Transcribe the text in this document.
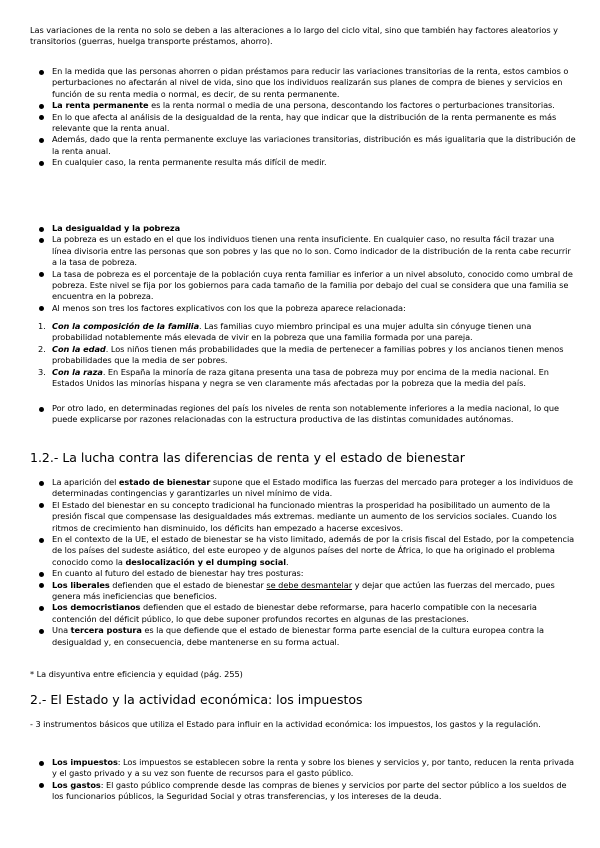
Las variaciones de la renta no solo se deben a las alteraciones a lo largo del ciclo vital, sino que también hay factores aleatorios y transitorios (guerras, huelga transporte préstamos, ahorro).

En la medida que las personas ahorren o pidan préstamos para reducir las variaciones transitorias de la renta, estos cambios o perturbaciones no afectarán al nivel de vida, sino que los individuos realizarán sus planes de compra de bienes y servicios en función de su renta media o normal, es decir, de su renta permanente.
La renta permanente es la renta normal o media de una persona, descontando los factores o perturbaciones transitorias.
En lo que afecta al análisis de la desigualdad de la renta, hay que indicar que la distribución de la renta permanente es más relevante que la renta anual.
Además, dado que la renta permanente excluye las variaciones transitorias, distribución es más igualitaria que la distribución de la renta anual.
En cualquier caso, la renta permanente resulta más difícil de medir.
La desigualdad y la pobreza
La pobreza es un estado en el que los individuos tienen una renta insuficiente. En cualquier caso, no resulta fácil trazar una línea divisoria entre las personas que son pobres y las que no lo son. Como indicador de la distribución de la renta cabe recurrir a la tasa de pobreza.
La tasa de pobreza es el porcentaje de la población cuya renta familiar es inferior a un nivel absoluto, conocido como umbral de pobreza. Este nivel se fija por los gobiernos para cada tamaño de la familia por debajo del cual se considera que una familia se encuentra en la pobreza.
Al menos son tres los factores explicativos con los que la pobreza aparece relacionada:
1. Con la composición de la familia. Las familias cuyo miembro principal es una mujer adulta sin cónyuge tienen una probabilidad notablemente más elevada de vivir en la pobreza que una familia formada por una pareja.
2. Con la edad. Los niños tienen más probabilidades que la media de pertenecer a familias pobres y los ancianos tienen menos probabilidades que la media de ser pobres.
3. Con la raza. En España la minoría de raza gitana presenta una tasa de pobreza muy por encima de la media nacional. En Estados Unidos las minorías hispana y negra se ven claramente más afectadas por la pobreza que la media del país.
Por otro lado, en determinadas regiones del país los niveles de renta son notablemente inferiores a la media nacional, lo que puede explicarse por razones relacionadas con la estructura productiva de las distintas comunidades autónomas.
1.2.- La lucha contra las diferencias de renta y el estado de bienestar
La aparición del estado de bienestar supone que el Estado modifica las fuerzas del mercado para proteger a los individuos de determinadas contingencias y garantizarles un nivel mínimo de vida.
El Estado del bienestar en su concepto tradicional ha funcionado mientras la prosperidad ha posibilitado un aumento de la presión fiscal que compensase las desigualdades más extremas. mediante un aumento de los servicios sociales. Cuando los ritmos de crecimiento han disminuido, los déficits han empezado a hacerse excesivos.
En el contexto de la UE, el estado de bienestar se ha visto limitado, además de por la crisis fiscal del Estado, por la competencia de los países del sudeste asiático, del este europeo y de algunos países del norte de África, lo que ha originado el problema conocido como la deslocalización y el dumping social.
En cuanto al futuro del estado de bienestar hay tres posturas:
Los liberales defienden que el estado de bienestar se debe desmantelar y dejar que actúen las fuerzas del mercado, pues genera más ineficiencias que beneficios.
Los democristianos defienden que el estado de bienestar debe reformarse, para hacerlo compatible con la necesaria contención del déficit público, lo que debe suponer profundos recortes en algunas de las prestaciones.
Una tercera postura es la que defiende que el estado de bienestar forma parte esencial de la cultura europea contra la desigualdad y, en consecuencia, debe mantenerse en su forma actual.

* La disyuntiva entre eficiencia y equidad (pág. 255)

2.- El Estado y la actividad económica: los impuestos

- 3 instrumentos básicos que utiliza el Estado para influir en la actividad económica: los impuestos, los gastos y la regulación.

Los impuestos: Los impuestos se establecen sobre la renta y sobre los bienes y servicios y, por tanto, reducen la renta privada y el gasto privado y a su vez son fuente de recursos para el gasto público.
Los gastos: El gasto público comprende desde las compras de bienes y servicios por parte del sector público a los sueldos de los funcionarios públicos, la Seguridad Social y otras transferencias, y los intereses de la deuda.
